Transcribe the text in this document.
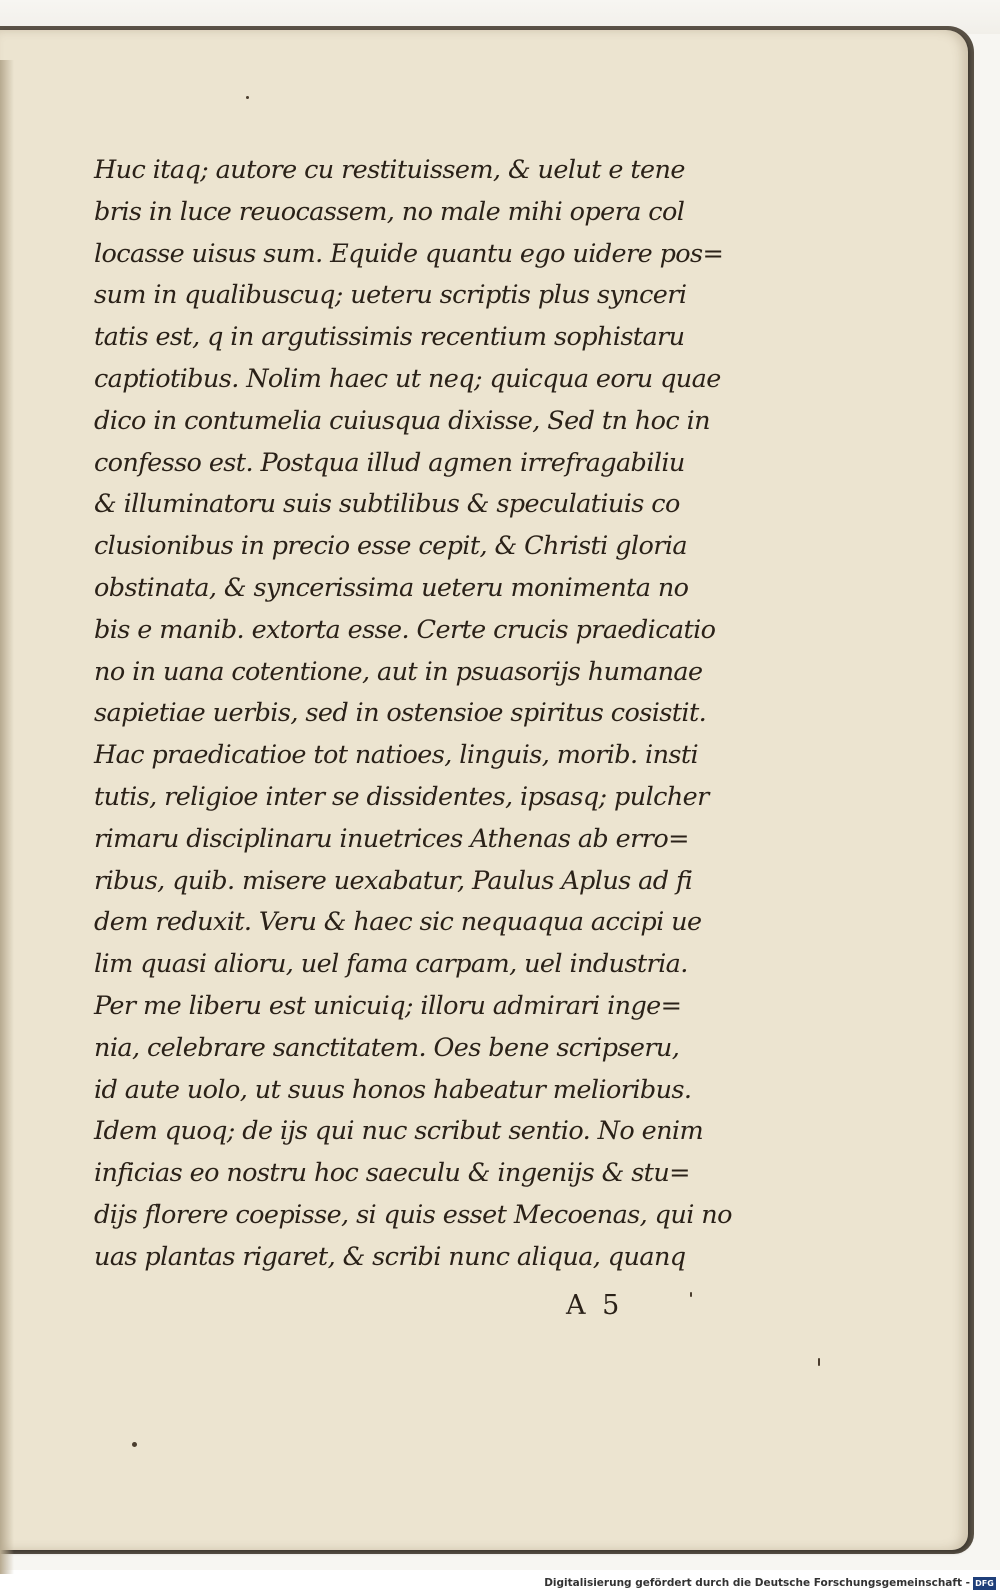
Huc itaq; autore cu restituissem, & uelut e tene
bris in luce reuocassem, no male mihi opera col
locasse uisus sum. Equide quantu ego uidere pos=
sum in qualibuscuq; ueteru scriptis plus synceri
tatis est, q in argutissimis recentium sophistaru
captiotibus. Nolim haec ut neq; quicqua eoru quae
dico in contumelia cuiusqua dixisse, Sed tn hoc in
confesso est. Postqua illud agmen irrefragabiliu
& illuminatoru suis subtilibus & speculatiuis co
clusionibus in precio esse cepit, & Christi gloria
obstinata, & syncerissima ueteru monimenta no
bis e manib. extorta esse. Certe crucis praedicatio
no in uana cotentione, aut in psuasorijs humanae
sapietiae uerbis, sed in ostensioe spiritus cosistit.
Hac praedicatioe tot natioes, linguis, morib. insti
tutis, religioe inter se dissidentes, ipsasq; pulcher
rimaru disciplinaru inuetrices Athenas ab erro=
ribus, quib. misere uexabatur, Paulus Aplus ad fi
dem reduxit. Veru & haec sic nequaqua accipi ue
lim quasi alioru, uel fama carpam, uel industria.
Per me liberu est unicuiq; illoru admirari inge=
nia, celebrare sanctitatem. Oes bene scripseru,
id aute uolo, ut suus honos habeatur melioribus.
Idem quoq; de ijs qui nuc scribut sentio. No enim
inficias eo nostru hoc saeculu & ingenijs & stu=
dijs florere coepisse, si quis esset Mecoenas, qui no
uas plantas rigaret, & scribi nunc aliqua, quanq
A 5
Digitalisierung gefördert durch die Deutsche Forschungsgemeinschaft - DFG
